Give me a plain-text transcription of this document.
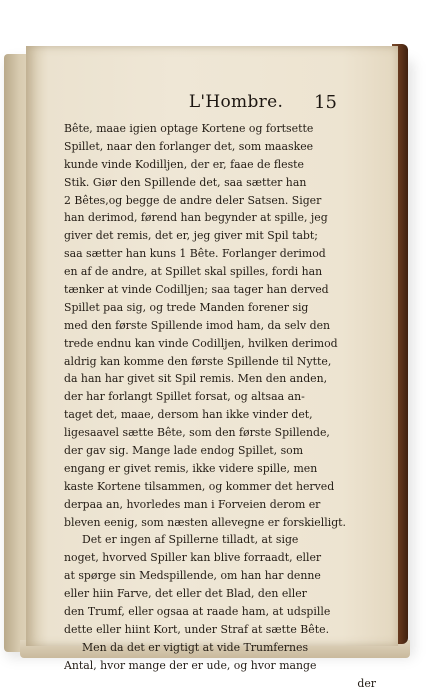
L'Hombre.	15
Bête, maae igien optage Kortene og fortsette
Spillet, naar den forlanger det, som maaskee
kunde vinde Kodilljen, der er, faae de fleste
Stik. Giør den Spillende det, saa sætter han
2 Bêtes,og begge de andre deler Satsen. Siger
han derimod, førend han begynder at spille, jeg
giver det remis, det er, jeg giver mit Spil tabt;
saa sætter han kuns 1 Bête. Forlanger derimod
en af de andre, at Spillet skal spilles, fordi han
tænker at vinde Codilljen; saa tager han derved
Spillet paa sig, og trede Manden forener sig
med den første Spillende imod ham, da selv den
trede endnu kan vinde Codilljen, hvilken derimod
aldrig kan komme den første Spillende til Nytte,
da han har givet sit Spil remis. Men den anden,
der har forlangt Spillet forsat, og altsaa an-
taget det, maae, dersom han ikke vinder det,
ligesaavel sætte Bête, som den første Spillende,
der gav sig. Mange lade endog Spillet, som
engang er givet remis, ikke videre spille, men
kaste Kortene tilsammen, og kommer det herved
derpaa an, hvorledes man i Forveien derom er
bleven eenig, som næsten allevegne er forskielligt.
Det er ingen af Spillerne tilladt, at sige
noget, hvorved Spiller kan blive forraadt, eller
at spørge sin Medspillende, om han har denne
eller hiin Farve, det eller det Blad, den eller
den Trumf, eller ogsaa at raade ham, at udspille
dette eller hiint Kort, under Straf at sætte Bête.
Men da det er vigtigt at vide Trumfernes
Antal, hvor mange der er ude, og hvor mange
der
